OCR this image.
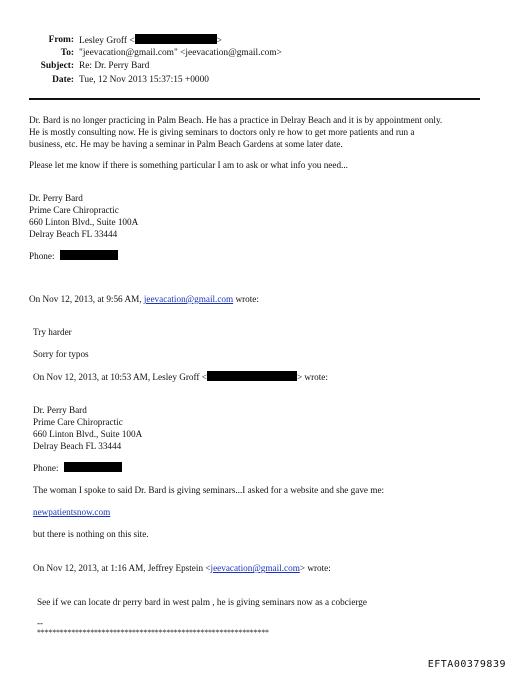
From: Lesley Groff <	>
To: "jeevacation@gmail.com" <jeevacation@gmail.com>
Subject: Re: Dr. Perry Bard
Date: Tue, 12 Nov 2013 15:37:15 +0000
Dr. Bard is no longer practicing in Palm Beach. He has a practice in Delray Beach and it is by appointment only.
He is mostly consulting now. He is giving seminars to doctors only re how to get more patients and run a
business, etc. He may be having a seminar in Palm Beach Gardens at some later date.
Please let me know if there is something particular I am to ask or what info you need...
Dr. Perry Bard
Prime Care Chiropractic
660 Linton Blvd., Suite 100A
Delray Beach FL 33444
Phone:
On Nov 12, 2013, at 9:56 AM, jeevacation@gmail.com wrote:
Try harder
Sorry for typos
On Nov 12, 2013, at 10:53 AM, Lesley Groff <	> wrote:
Dr. Perry Bard
Prime Care Chiropractic
660 Linton Blvd., Suite 100A
Delray Beach FL 33444
Phone:
The woman I spoke to said Dr. Bard is giving seminars...I asked for a website and she gave me:
newpatientsnow.com
but there is nothing on this site.
On Nov 12, 2013, at 1:16 AM, Jeffrey Epstein <jeevacation@gmail.com> wrote:
See if we can locate dr perry bard in west palm , he is giving seminars now as a cobcierge
--
*************************************************************
EFTA00379839
